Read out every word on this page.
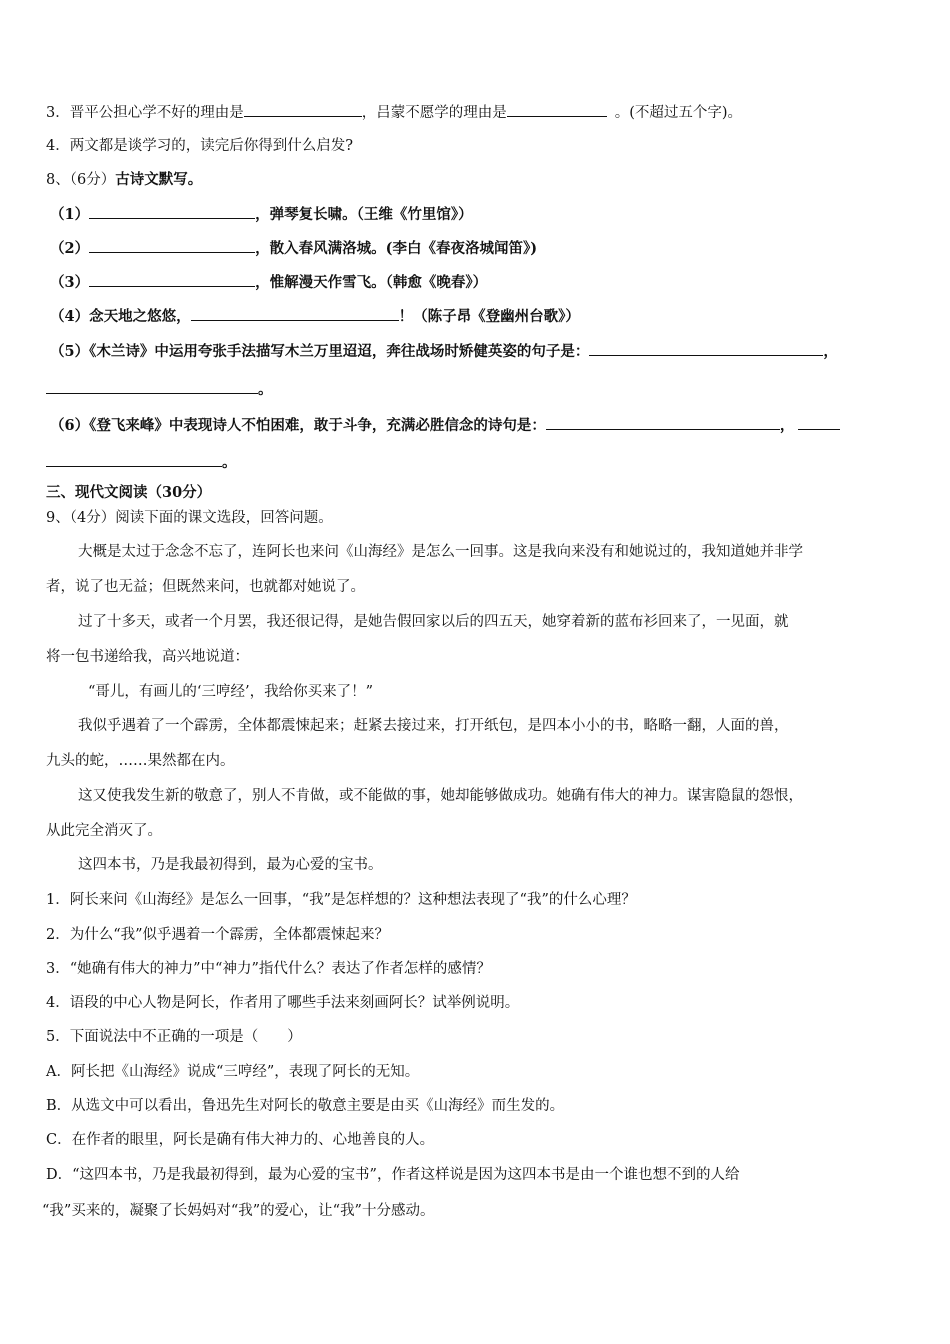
3．晋平公担心学不好的理由是	，吕蒙不愿学的理由是	。(不超过五个字)。
4．两文都是谈学习的，读完后你得到什么启发?
8、（6分）古诗文默写。
（1）	，弹琴复长啸。（王维《竹里馆》）
（2）	，散入春风满洛城。(李白《春夜洛城闻笛》)
（3）	，惟解漫天作雪飞。（韩愈《晚春》）
（4）念天地之悠悠，	！（陈子昂《登幽州台歌》）
（5）《木兰诗》中运用夸张手法描写木兰万里迢迢，奔往战场时矫健英姿的句子是：	，
。
（6）《登飞来峰》中表现诗人不怕困难，敢于斗争，充满必胜信念的诗句是：	，
。
三、现代文阅读（30分）
9、（4分）阅读下面的课文选段，回答问题。
大概是太过于念念不忘了，连阿长也来问《山海经》是怎么一回事。这是我向来没有和她说过的，我知道她并非学
者，说了也无益；但既然来问，也就都对她说了。
过了十多天，或者一个月罢，我还很记得，是她告假回家以后的四五天，她穿着新的蓝布衫回来了，一见面，就
将一包书递给我，高兴地说道：
“哥儿，有画儿的‘三哼经’，我给你买来了！”
我似乎遇着了一个霹雳，全体都震悚起来；赶紧去接过来，打开纸包，是四本小小的书，略略一翻，人面的兽，
九头的蛇，……果然都在内。
这又使我发生新的敬意了，别人不肯做，或不能做的事，她却能够做成功。她确有伟大的神力。谋害隐鼠的怨恨，
从此完全消灭了。
这四本书，乃是我最初得到，最为心爱的宝书。
1．阿长来问《山海经》是怎么一回事，“我”是怎样想的？这种想法表现了“我”的什么心理？
2．为什么“我”似乎遇着一个霹雳，全体都震悚起来？
3．“她确有伟大的神力”中“神力”指代什么？表达了作者怎样的感情？
4．语段的中心人物是阿长，作者用了哪些手法来刻画阿长？试举例说明。
5．下面说法中不正确的一项是（　　）
A．阿长把《山海经》说成“三哼经”，表现了阿长的无知。
B．从选文中可以看出，鲁迅先生对阿长的敬意主要是由买《山海经》而生发的。
C．在作者的眼里，阿长是确有伟大神力的、心地善良的人。
D．“这四本书，乃是我最初得到，最为心爱的宝书”，作者这样说是因为这四本书是由一个谁也想不到的人给
“我”买来的，凝聚了长妈妈对“我”的爱心，让“我”十分感动。
